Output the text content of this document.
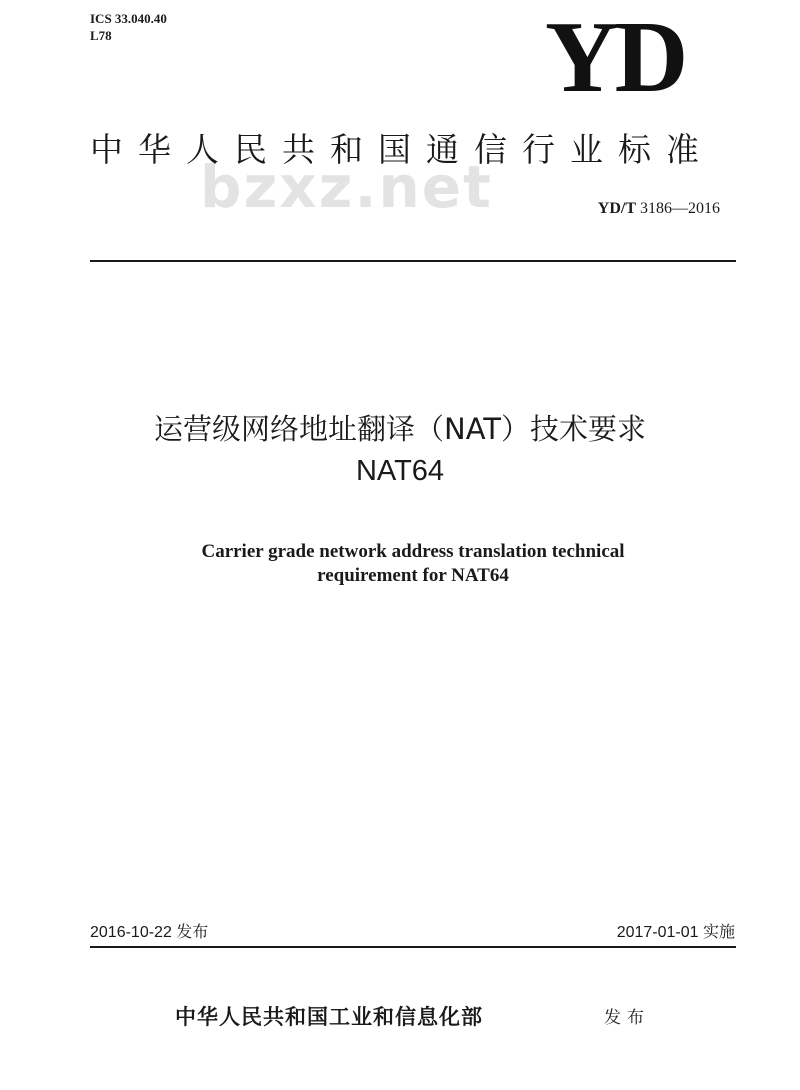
ICS 33.040.40
L78	YD
bzxz.net
中华人民共和国通信行业标准
YD/T 3186—2016
运营级网络地址翻译（NAT）技术要求
NAT64
Carrier grade network address translation technical
requirement for NAT64
2016-10-22 发布	2017-01-01 实施
中华人民共和国工业和信息化部	发布
